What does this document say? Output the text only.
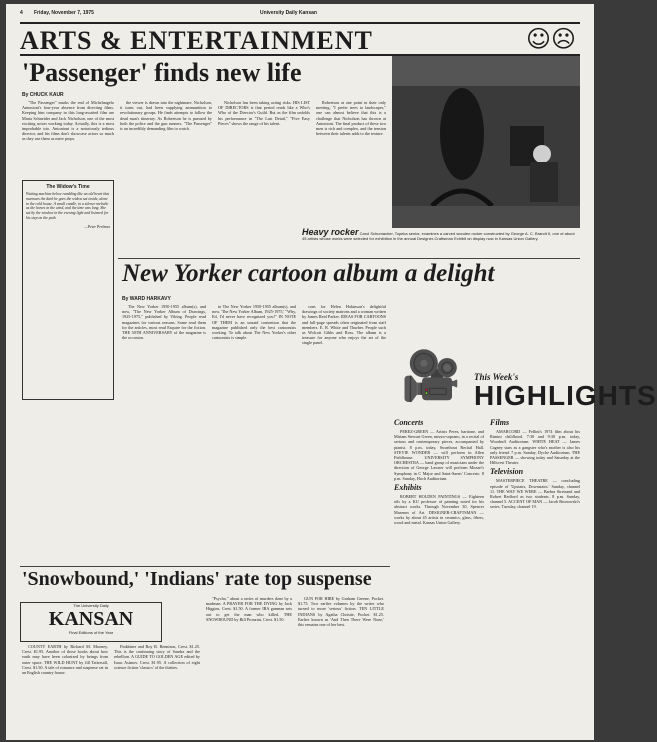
4 Friday, November 7, 1975	University Daily Kansan
ARTS & ENTERTAINMENT	☺☹
'Passenger' finds new life
By CHUCK KAUR

"The Passenger" marks the end of Michelangelo Antonioni's four-year absence from directing films. Keeping him company in this long-awaited film are Maria Schneider and Jack Nicholson, one of the most exciting actors working today. Actually, this is a most improbable trio. Antonioni is a notoriously tedious director, and his films don't showcase actors so much as they use them as mere props.

the viewer is drawn into the nightmare. Nicholson, it turns out, had been supplying ammunition to revolutionary groups. He finds attempts to follow the dead man's itinerary. As Robertson he is pursued by both the police and the gun runners. "The Passenger" is an incredibly demanding film to watch.

Nicholson has been taking acting risks. HIS LIST OF DIRECTORS is that period reads like a Who's Who of the Director's Guild. But as the film unfolds his performance in "The Last Detail," "Five Easy Pieces" shows the range of his talent.

Robertson at one point in their only meeting, "I prefer trees to landscapes," one can almost believe that this is a challenge that Nicholson has thrown at Antonioni. The final product of these two men is rich and complex, and the tension between their talents adds to the texture.

The Widow's Time
Waiting machine below rumbling like an old heart that murmurs the dark he goes the widow sat inside, alone in the cold house. A small candle, in a silence melodic as the leaves in the wind, and the time was long. She sat by the window in the evening light and listened for his step on the path.
—Peter Perlman
Heavy rocker Carol Schumacher, Topeka senior, examines a carved wooden rocker constructed by George A. C. Brandt II, one of about 45 artists whose works were selected for exhibition in the annual Designer-Craftsman Exhibit on display now in Kansas Union Gallery.
New Yorker cartoon album a delight
By WARD HARKAVY

The New Yorker 1950-1955 album(s), and now, "The New Yorker Album of Drawings, 1925-1975," published by Viking. People read magazines for various reasons. Some read them for the articles, most read Esquire for the fiction. THE 50TH ANNIVERSARY of the magazine is the occasion.

in The New Yorker 1950-1955 album(s), and now. 'The New Yorker Album, 1925-1975,' "Why, Ed, I'd never have recognized you!" IN NOTE OF THEM is an unsaid contention that the magazine published only the best cartoonists working. To talk about The New Yorker's other cartoonists is simple.

cons for Helen Hokinson's delightful drawings of society matrons and a woman written by James Reid Parker. IDEAS FOR CARTOONS and full-page spreads often originated from staff members. E. B. White and Thurber. People such as Wolcott Gibbs and Ross. The album is a treasure for anyone who enjoys the art of the single panel.

🎥	This Week's
HIGHLIGHTS
Concerts

PEREZ-GREEN — Artists Perez, baritone, and Miriam Stewart Green, mezzo-soprano, in a recital of serious and contemporary pieces, accompanied by pianist. 8 p.m. today, Swarthout Recital Hall. STEVIE WONDER — will perform in Allen Fieldhouse. UNIVERSITY SYMPHONY ORCHESTRA — band group of musicians under the direction of George Lawner will perform Mozart's Symphony in C Major and Saint-Saens' Concerto. 8 p.m. Sunday, Hoch Auditorium.

Exhibits

ROBERT HOLDEN PAINTINGS — Eighteen oils by a KU professor of painting noted for his abstract works. Through November 30, Spencer Museum of Art. DESIGNER-CRAFTSMAN — works by about 45 artists in ceramics, glass, fibers, wood and metal. Kansas Union Gallery.

Films

AMARCORD — Fellini's 1974 film about his Rimini childhood. 7:30 and 9:30 p.m. today, Woodruff Auditorium. WHITE HEAT — James Cagney stars as a gangster who's mother is also his only friend. 7 p.m. Sunday, Dyche Auditorium. THE PASSENGER — showing today and Saturday at the Hillcrest Theater.

Television

MASTERPIECE THEATRE — concluding episode of 'Upstairs, Downstairs.' Sunday, channel 11. THE WAY WE WERE — Barbra Streisand and Robert Redford as two students. 8 p.m. Sunday, channel 5. ACCENT OF MAN — Jacob Bronowski's series. Tuesday, channel 19.

'Snowbound,' 'Indians' rate top suspense
The University Daily
KANSAN
Final Editions of the Year

COUNTY EARTH by Richard M. Mooney, Crest. $1.95. Another of those books about how earth may have been colonized by beings from outer space. THE WILD HUNT by Jill Tattersall, Crest. $1.50. A tale of romance and suspense set in an English country house.

Finkbiner and Roy R. Bennison, Crest. $1.25. This is the continuing story of Sandra and the rebellion. A GUIDE TO GOLDEN AGE edited by Isaac Asimov. Crest. $1.95. A collection of eight science fiction 'classics' of the thirties.

"Psycho," about a series of murders done by a madman. A PRAYER FOR THE DYING by Jack Higgins, Crest. $1.50. A former IRA gunman sets out to get the man who killed. THE SNOWBOUND by Bill Pronzini, Crest. $1.50.

GUN FOR HIRE by Graham Greene, Pocket. $1.75. Two earlier volumes by the writer who turned to more 'serious' fiction. TEN LITTLE INDIANS by Agatha Christie, Pocket. $1.25. Earlier known as 'And Then There Were None,' this remains one of her best.
